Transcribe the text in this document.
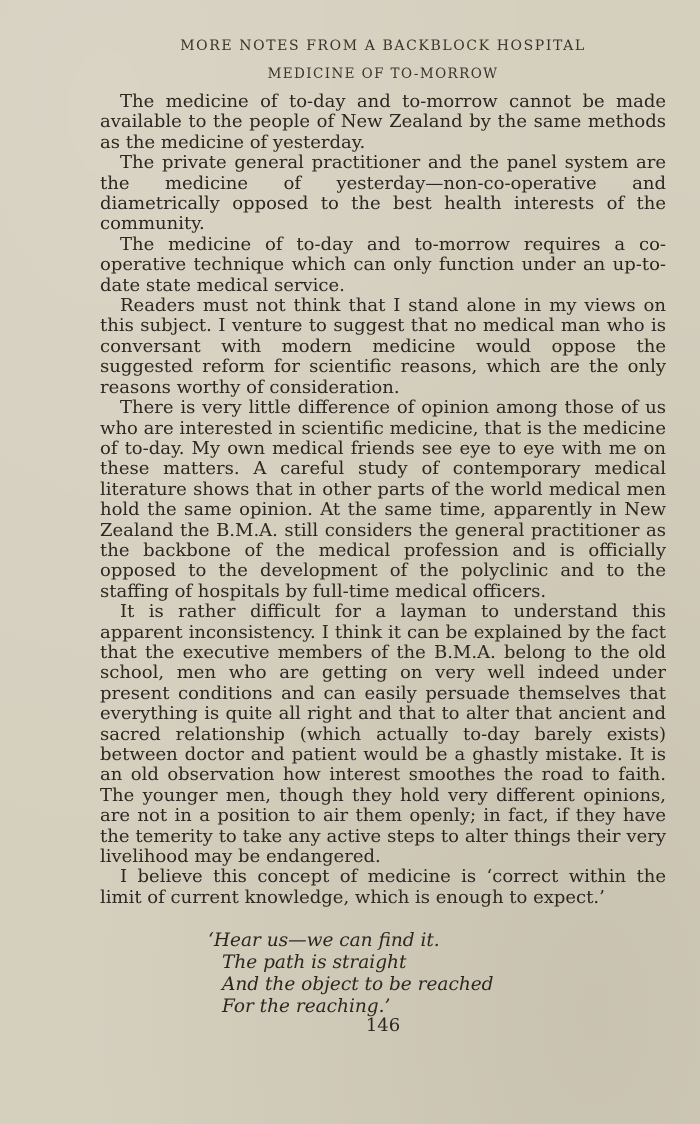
MORE NOTES FROM A BACKBLOCK HOSPITAL
MEDICINE OF TO-MORROW

The medicine of to-day and to-morrow cannot be made available to the people of New Zealand by the same methods as the medicine of yesterday.

The private general practitioner and the panel system are the medicine of yesterday—non-co-operative and diametrically opposed to the best health interests of the community.

The medicine of to-day and to-morrow requires a co-operative technique which can only function under an up-to-date state medical service.

Readers must not think that I stand alone in my views on this subject. I venture to suggest that no medical man who is conversant with modern medicine would oppose the suggested reform for scientific reasons, which are the only reasons worthy of consideration.

There is very little difference of opinion among those of us who are interested in scientific medicine, that is the medicine of to-day. My own medical friends see eye to eye with me on these matters. A careful study of contemporary medical literature shows that in other parts of the world medical men hold the same opinion. At the same time, apparently in New Zealand the B.M.A. still considers the general practitioner as the backbone of the medical profession and is officially opposed to the development of the polyclinic and to the staffing of hospitals by full-time medical officers.

It is rather difficult for a layman to understand this apparent inconsistency. I think it can be explained by the fact that the executive members of the B.M.A. belong to the old school, men who are getting on very well indeed under present conditions and can easily persuade themselves that everything is quite all right and that to alter that ancient and sacred relationship (which actually to-day barely exists) between doctor and patient would be a ghastly mistake. It is an old observation how interest smoothes the road to faith. The younger men, though they hold very different opinions, are not in a position to air them openly; in fact, if they have the temerity to take any active steps to alter things their very livelihood may be endangered.

I believe this concept of medicine is ‘correct within the limit of current knowledge, which is enough to expect.’

‘Hear us—we can find it.
The path is straight
And the object to be reached
For the reaching.’
146
